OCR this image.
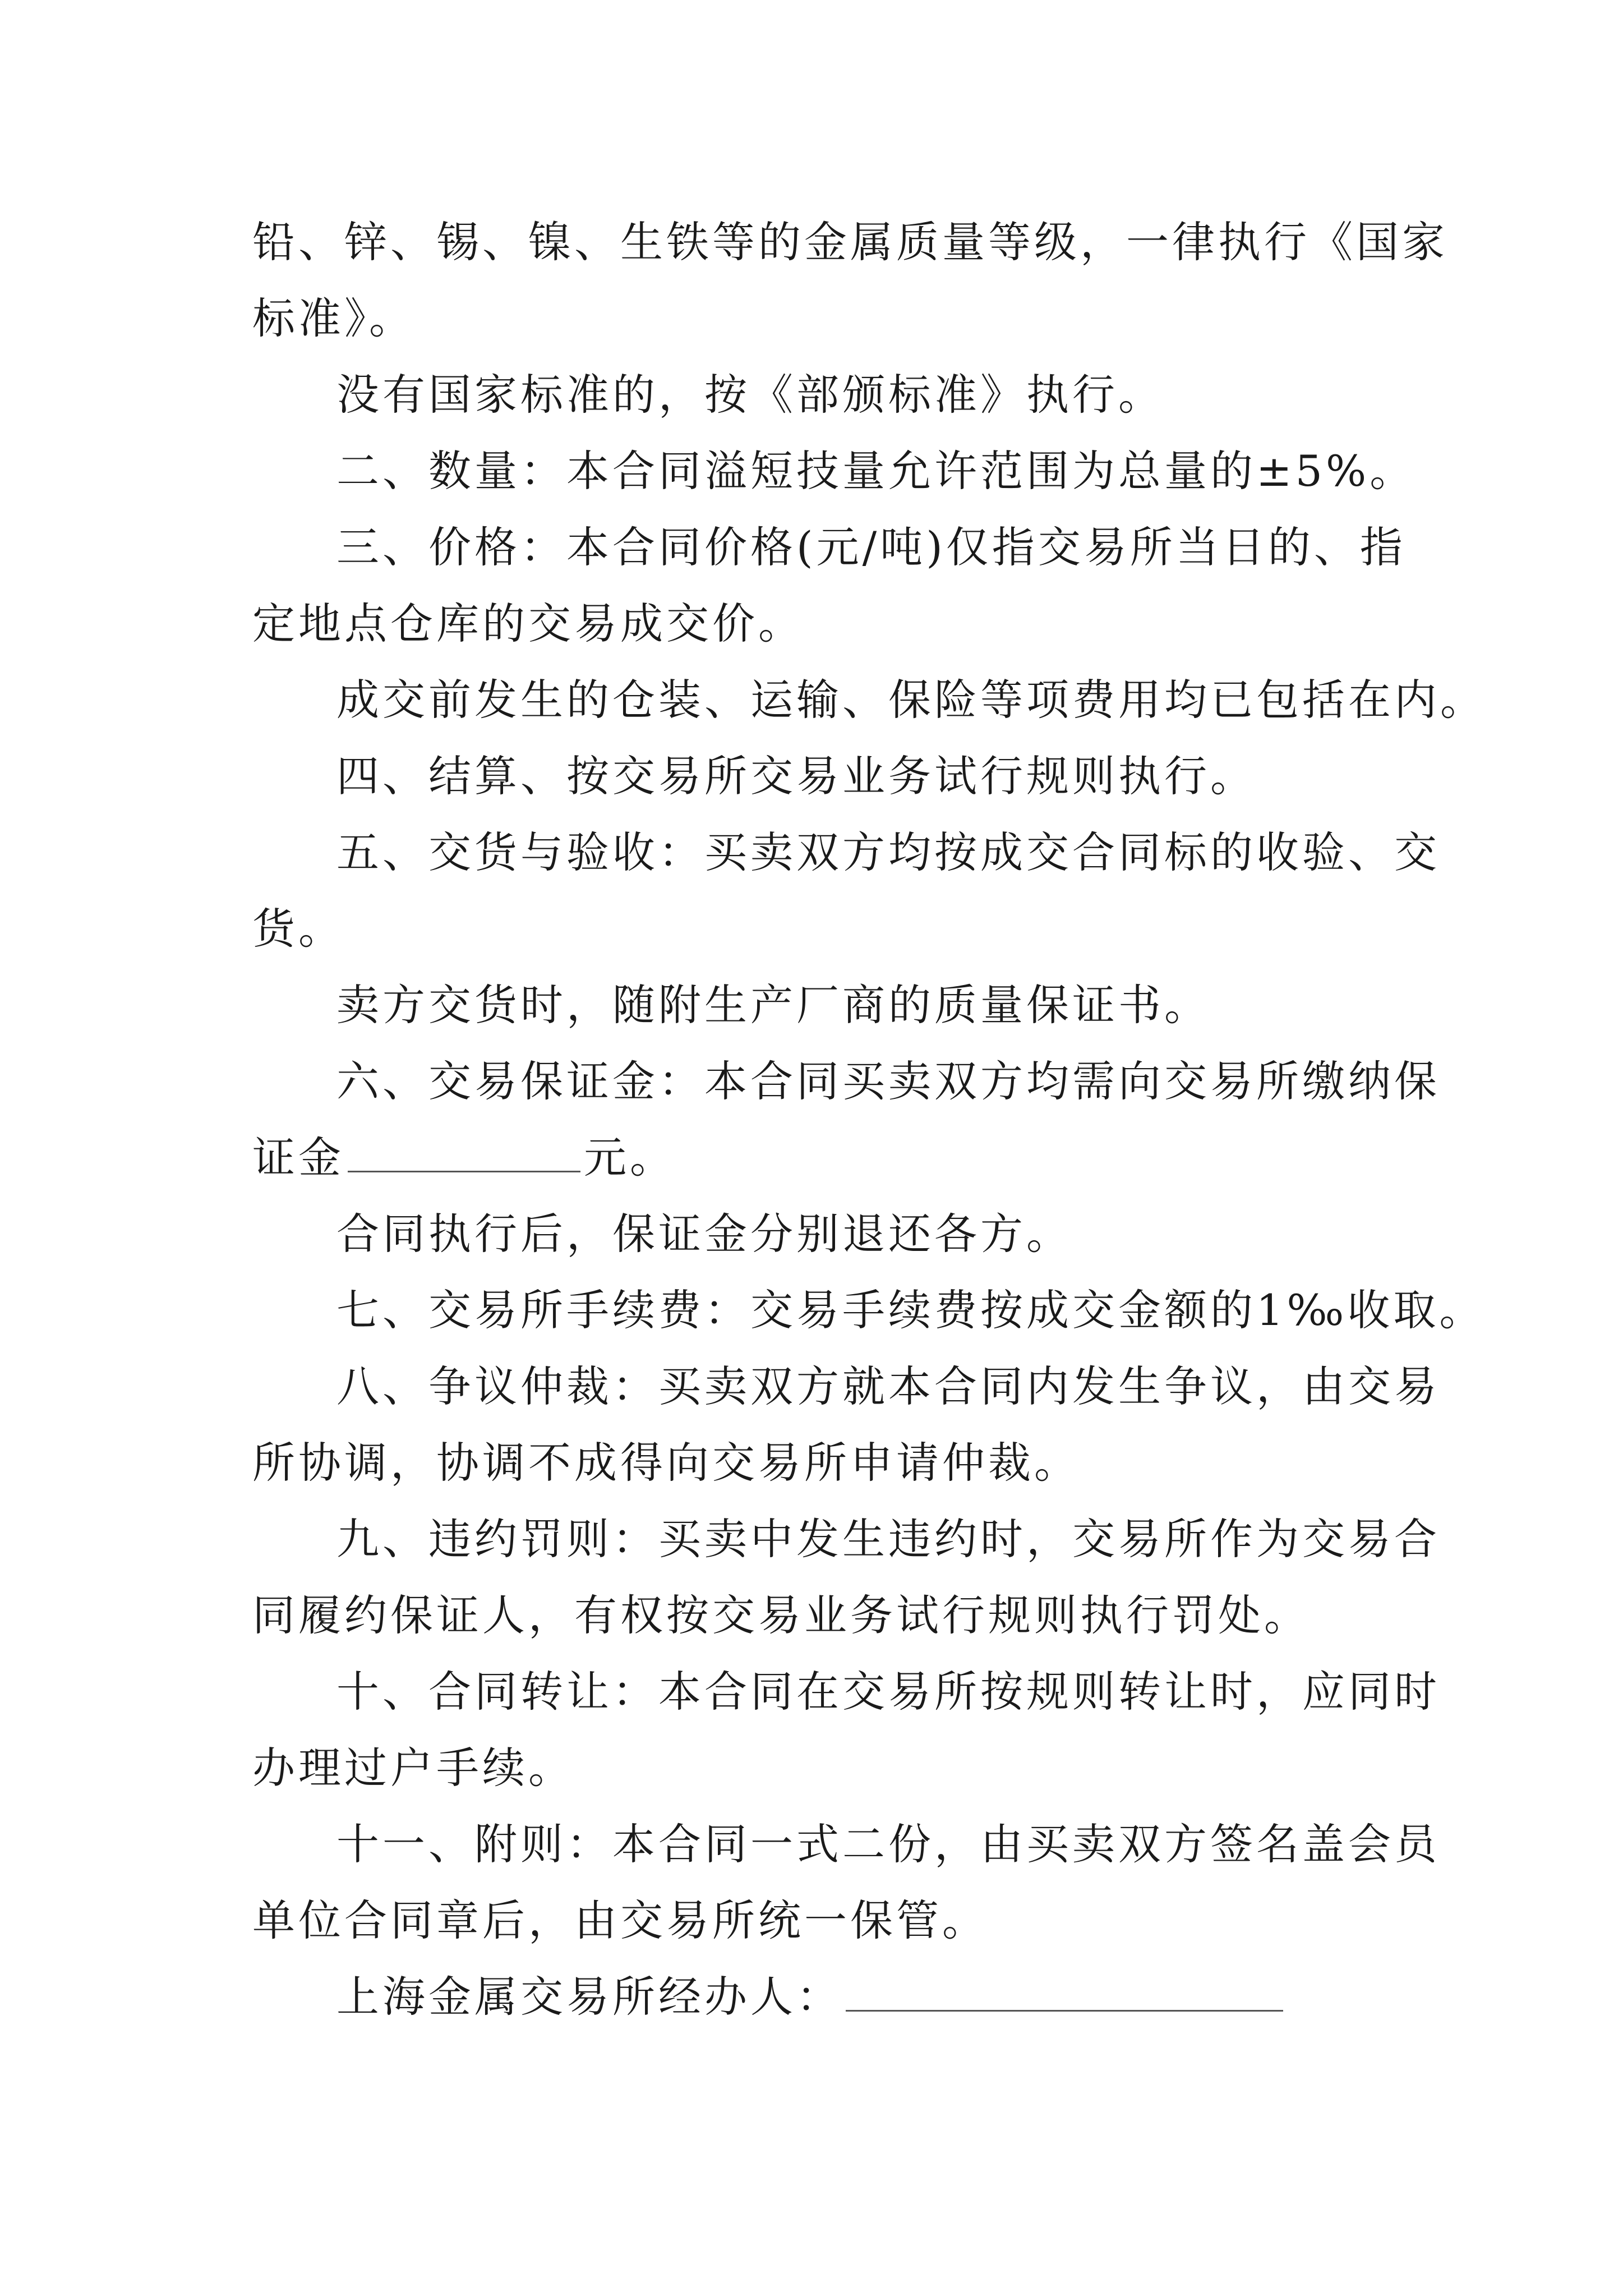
铅、锌、锡、镍、生铁等的金属质量等级，一律执行《国家
标准》。
没有国家标准的，按《部颁标准》执行。
二、数量：本合同溢短技量允许范围为总量的±5%。
三、价格：本合同价格(元/吨)仅指交易所当日的、指
定地点仓库的交易成交价。
成交前发生的仓装、运输、保险等项费用均已包括在内。
四、结算、按交易所交易业务试行规则执行。
五、交货与验收：买卖双方均按成交合同标的收验、交
货。
卖方交货时，随附生产厂商的质量保证书。
六、交易保证金：本合同买卖双方均需向交易所缴纳保
证金	元。
合同执行后，保证金分别退还各方。
七、交易所手续费：交易手续费按成交金额的1‰收取。
八、争议仲裁：买卖双方就本合同内发生争议，由交易
所协调，协调不成得向交易所申请仲裁。
九、违约罚则：买卖中发生违约时，交易所作为交易合
同履约保证人，有权按交易业务试行规则执行罚处。
十、合同转让：本合同在交易所按规则转让时，应同时
办理过户手续。
十一、附则：本合同一式二份，由买卖双方签名盖会员
单位合同章后，由交易所统一保管。
上海金属交易所经办人：
